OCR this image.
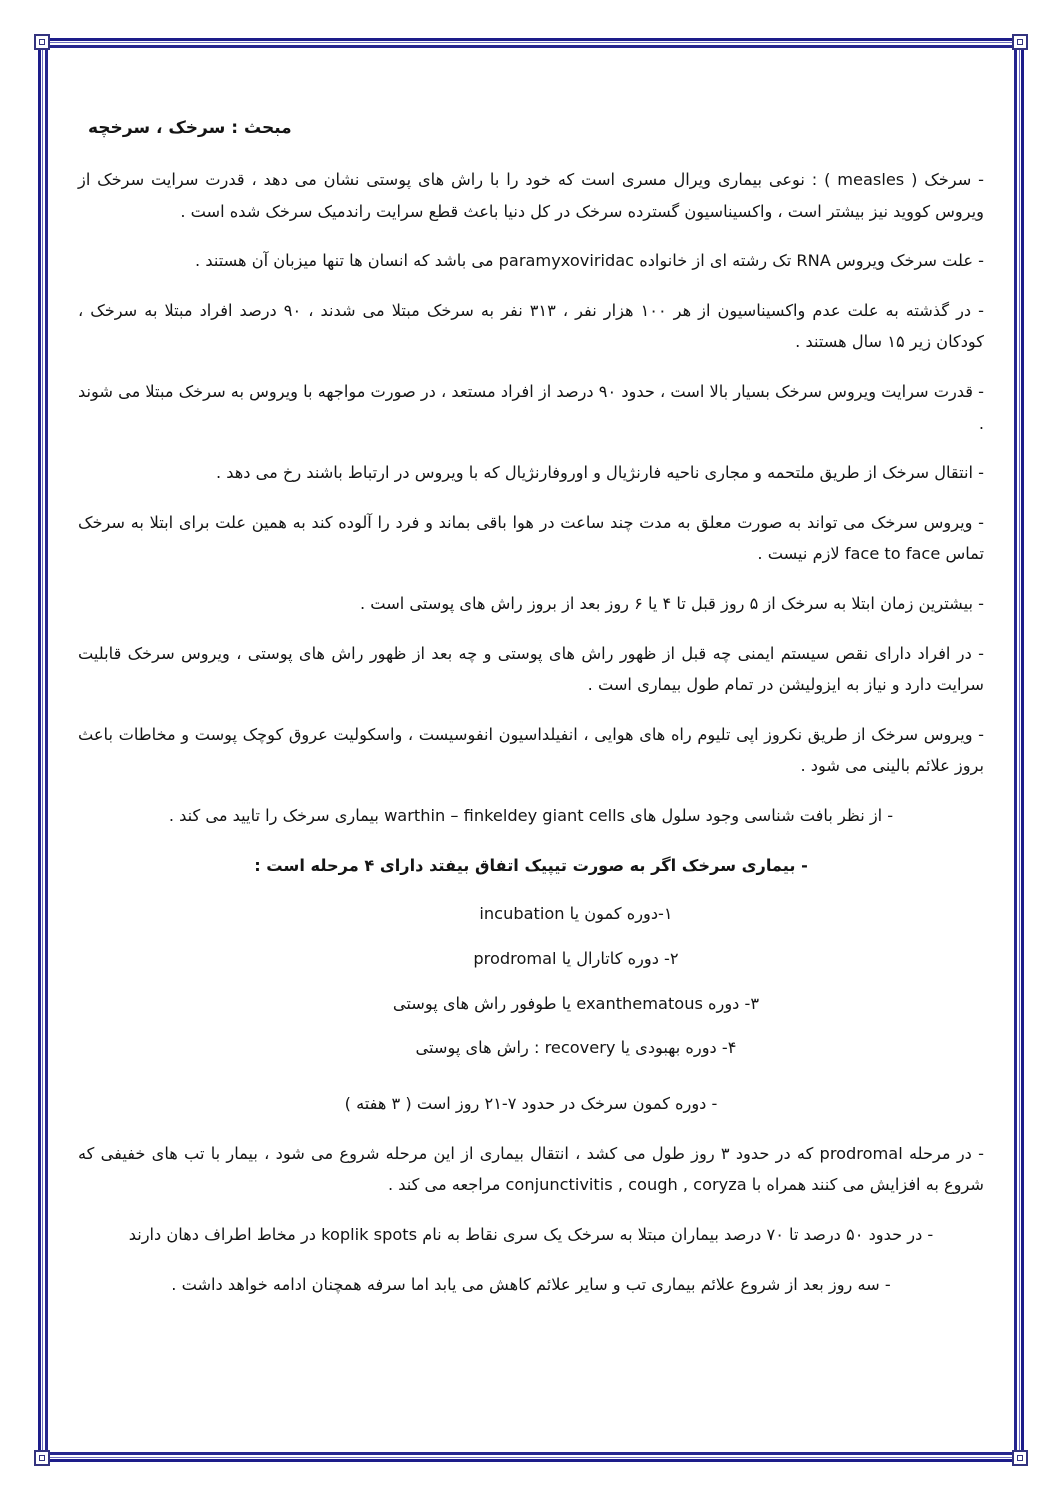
مبحث : سرخک ، سرخچه

- سرخک ( measles ) : نوعی بیماری ویرال مسری است که خود را با راش های پوستی نشان می دهد ، قدرت سرایت سرخک از ویروس کووید نیز بیشتر است ، واکسیناسیون گسترده سرخک در کل دنیا باعث قطع سرایت راندمیک سرخک شده است .

- علت سرخک ویروس RNA تک رشته ای از خانواده paramyxoviridac می باشد که انسان ها تنها میزبان آن هستند .

- در گذشته به علت عدم واکسیناسیون از هر ۱۰۰ هزار نفر ، ۳۱۳ نفر به سرخک مبتلا می شدند ، ۹۰ درصد افراد مبتلا به سرخک ، کودکان زیر ۱۵ سال هستند .

- قدرت سرایت ویروس سرخک بسیار بالا است ، حدود ۹۰ درصد از افراد مستعد ، در صورت مواجهه با ویروس به سرخک مبتلا می شوند .

- انتقال سرخک از طریق ملتحمه و مجاری ناحیه فارنژیال و اوروفارنژیال که با ویروس در ارتباط باشند رخ می دهد .

- ویروس سرخک می تواند به صورت معلق به مدت چند ساعت در هوا باقی بماند و فرد را آلوده کند به همین علت برای ابتلا به سرخک تماس face to face لازم نیست .

- بیشترین زمان ابتلا به سرخک از ۵ روز قبل تا ۴ یا ۶ روز بعد از بروز راش های پوستی است .

- در افراد دارای نقص سیستم ایمنی چه قبل از ظهور راش های پوستی و چه بعد از ظهور راش های پوستی ، ویروس سرخک قابلیت سرایت دارد و نیاز به ایزولیشن در تمام طول بیماری است .

- ویروس سرخک از طریق نکروز اپی تلیوم راه های هوایی ، انفیلداسیون انفوسیست ، واسکولیت عروق کوچک پوست و مخاطات باعث بروز علائم بالینی می شود .

- از نظر بافت شناسی وجود سلول های warthin – finkeldey giant cells بیماری سرخک را تایید می کند .

- بیماری سرخک اگر به صورت تیپیک اتفاق بیفتد دارای ۴ مرحله است :

۱-دوره کمون یا incubation
۲- دوره کاتارال یا prodromal
۳- دوره exanthematous یا طوفور راش های پوستی
۴- دوره بهبودی یا recovery : راش های پوستی

- دوره کمون سرخک در حدود ۷-۲۱ روز است ( ۳ هفته )

- در مرحله prodromal که در حدود ۳ روز طول می کشد ، انتقال بیماری از این مرحله شروع می شود ، بیمار با تب های خفیفی که شروع به افزایش می کنند همراه با conjunctivitis , cough , coryza مراجعه می کند .

- در حدود ۵۰ درصد تا ۷۰ درصد بیماران مبتلا به سرخک یک سری نقاط به نام koplik spots در مخاط اطراف دهان دارند

- سه روز بعد از شروع علائم بیماری تب و سایر علائم کاهش می یابد اما سرفه همچنان ادامه خواهد داشت .
